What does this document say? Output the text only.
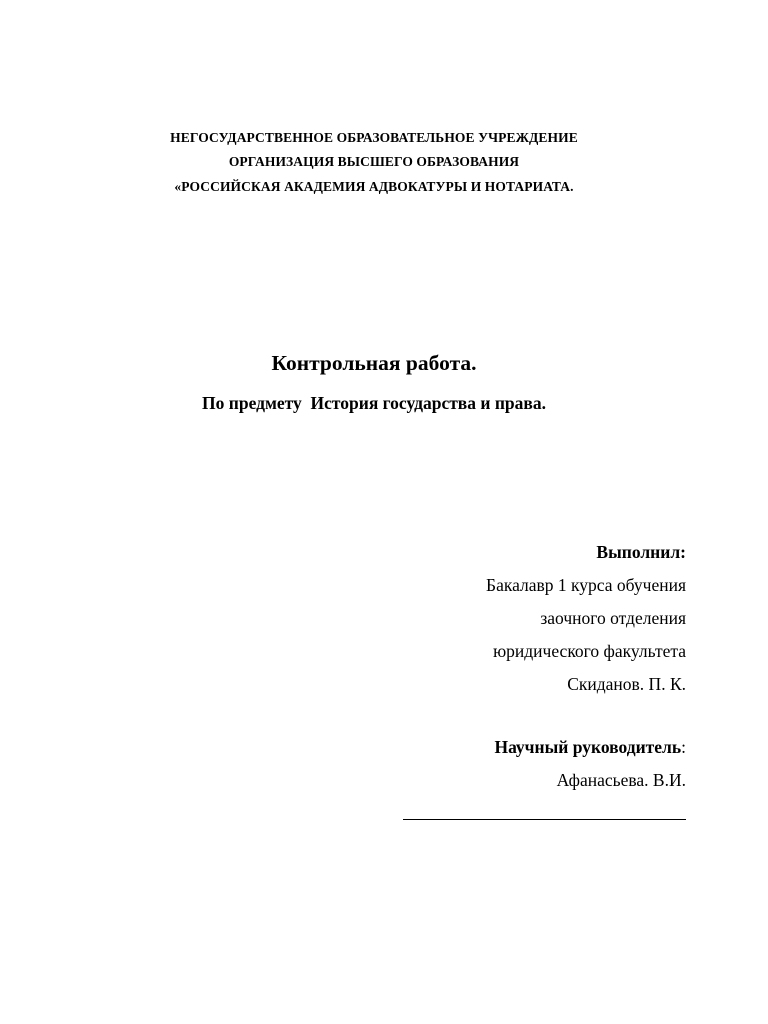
НЕГОСУДАРСТВЕННОЕ ОБРАЗОВАТЕЛЬНОЕ УЧРЕЖДЕНИЕ
ОРГАНИЗАЦИЯ ВЫСШЕГО ОБРАЗОВАНИЯ
«РОССИЙСКАЯ АКАДЕМИЯ АДВОКАТУРЫ И НОТАРИАТА.
Контрольная работа.
По предмету  История государства и права.
Выполнил:
Бакалавр 1 курса обучения
заочного отделения
юридического факультета
Скиданов. П. К.
Научный руководитель:
Афанасьева. В.И.
